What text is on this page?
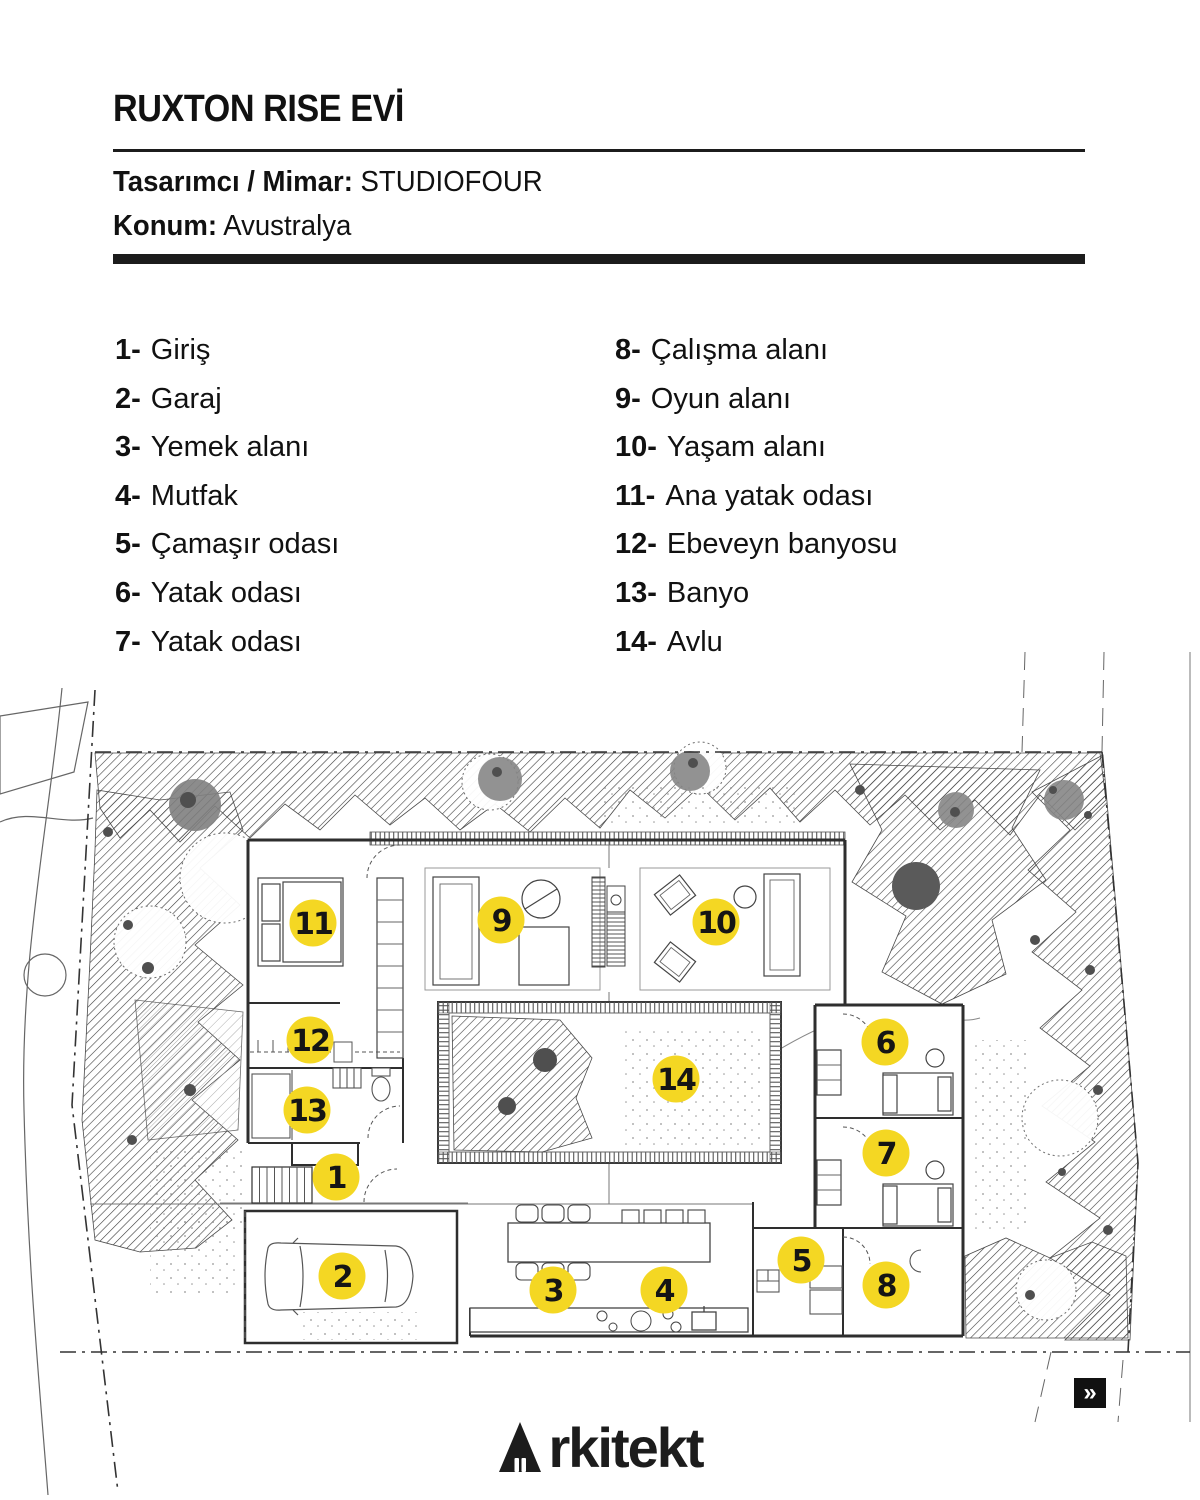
RUXTON RISE EVİ
Tasarımcı / Mimar: STUDIOFOUR
Konum: Avustralya
1- Giriş
2- Garaj
3- Yemek alanı
4- Mutfak
5- Çamaşır odası
6- Yatak odası
7- Yatak odası
8- Çalışma alanı
9- Oyun alanı
10- Yaşam alanı
11- Ana yatak odası
12- Ebeveyn banyosu
13- Banyo
14- Avlu
1
2	3	4
5
6
7
8
9	10
11
12
13
14
»
rkitekt
